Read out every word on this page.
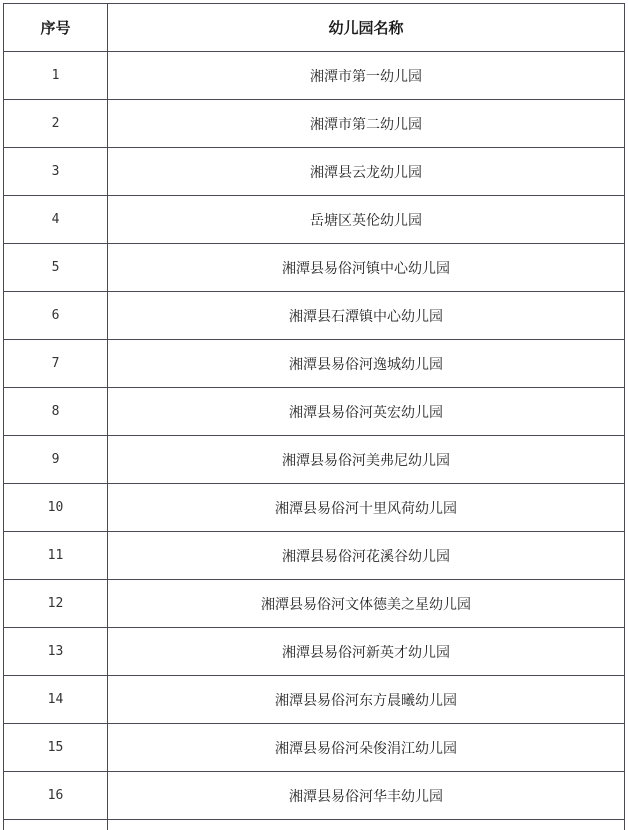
序号	幼儿园名称
1	湘潭市第一幼儿园
2	湘潭市第二幼儿园
3	湘潭县云龙幼儿园
4	岳塘区英伦幼儿园
5	湘潭县易俗河镇中心幼儿园
6	湘潭县石潭镇中心幼儿园
7	湘潭县易俗河逸城幼儿园
8	湘潭县易俗河英宏幼儿园
9	湘潭县易俗河美弗尼幼儿园
10	湘潭县易俗河十里风荷幼儿园
11	湘潭县易俗河花溪谷幼儿园
12	湘潭县易俗河文体德美之星幼儿园
13	湘潭县易俗河新英才幼儿园
14	湘潭县易俗河东方晨曦幼儿园
15	湘潭县易俗河朵俊涓江幼儿园
16	湘潭县易俗河华丰幼儿园
